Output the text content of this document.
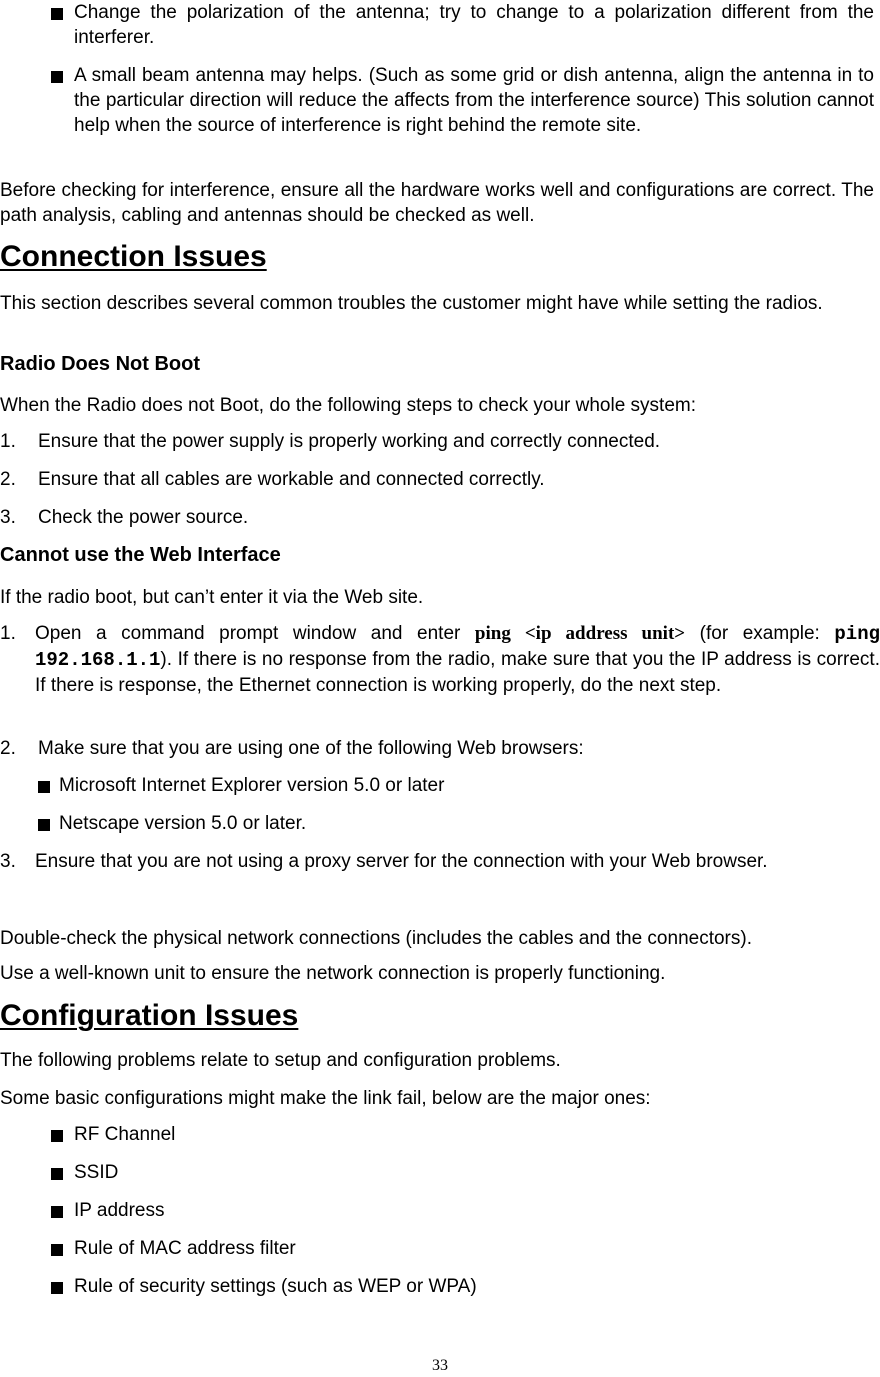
Change the polarization of the antenna; try to change to a polarization different from the interferer.

A small beam antenna may helps. (Such as some grid or dish antenna, align the antenna in to the particular direction will reduce the affects from the interference source) This solution cannot help when the source of interference is right behind the remote site.

Before checking for interference, ensure all the hardware works well and configurations are correct. The path analysis, cabling and antennas should be checked as well.

Connection Issues

This section describes several common troubles the customer might have while setting the radios.

Radio Does Not Boot

When the Radio does not Boot, do the following steps to check your whole system:

1. Ensure that the power supply is properly working and correctly connected.

2. Ensure that all cables are workable and connected correctly.

3. Check the power source.

Cannot use the Web Interface

If the radio boot, but can’t enter it via the Web site.

1. Open a command prompt window and enter ping <ip address unit> (for example: ping 192.168.1.1). If there is no response from the radio, make sure that you the IP address is correct. If there is response, the Ethernet connection is working properly, do the next step.

2. Make sure that you are using one of the following Web browsers:

Microsoft Internet Explorer version 5.0 or later

Netscape version 5.0 or later.

3. Ensure that you are not using a proxy server for the connection with your Web browser.

Double-check the physical network connections (includes the cables and the connectors).

Use a well-known unit to ensure the network connection is properly functioning.

Configuration Issues

The following problems relate to setup and configuration problems.

Some basic configurations might make the link fail, below are the major ones:

RF Channel

SSID

IP address

Rule of MAC address filter

Rule of security settings (such as WEP or WPA)

33
